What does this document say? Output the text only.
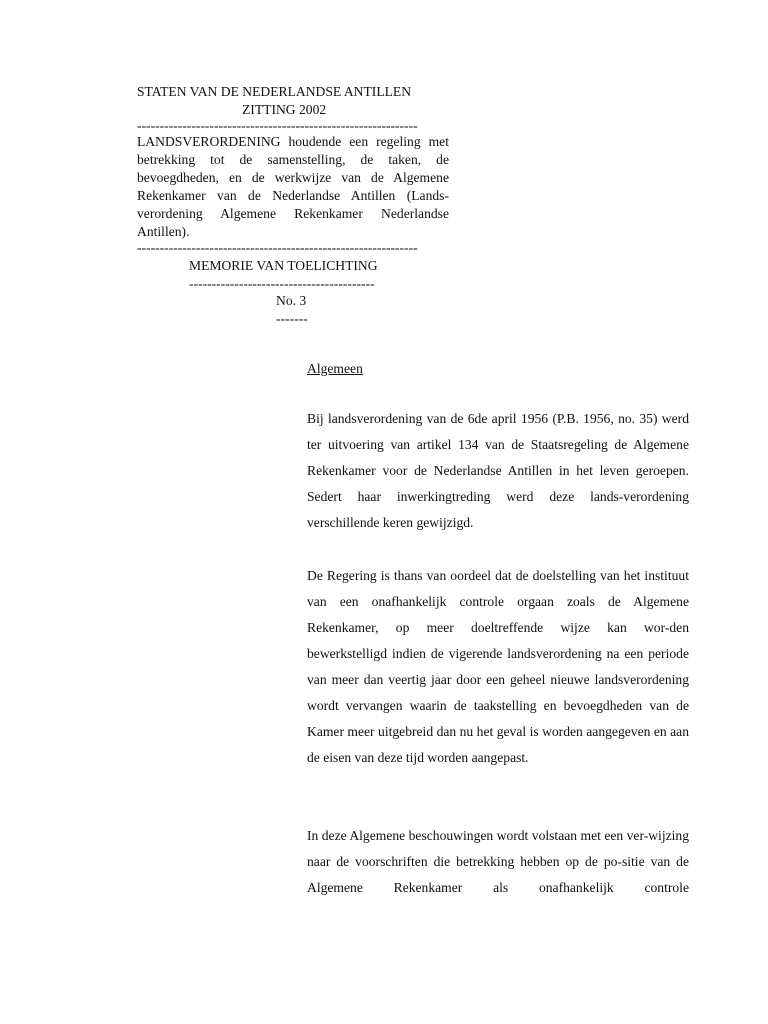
STATEN VAN DE NEDERLANDSE ANTILLEN
ZITTING 2002
--------------------------------------------------------------

LANDSVERORDENING houdende een regeling met betrekking tot de samenstelling, de taken, de bevoegdheden, en de werkwijze van de Algemene Rekenkamer van de Nederlandse Antillen (Lands-verordening Algemene Rekenkamer Nederlandse Antillen).

--------------------------------------------------------------
MEMORIE VAN TOELICHTING
-----------------------------------------
No. 3
-------
Algemeen

Bij landsverordening van de 6de april 1956 (P.B. 1956, no. 35) werd ter uitvoering van artikel 134 van de Staatsregeling de Algemene Rekenkamer voor de Nederlandse Antillen in het leven geroepen. Sedert haar inwerkingtreding werd deze lands-verordening verschillende keren gewijzigd.

De Regering is thans van oordeel dat de doelstelling van het instituut van een onafhankelijk controle orgaan zoals de Algemene Rekenkamer, op meer doeltreffende wijze kan wor-den bewerkstelligd indien de vigerende landsverordening na een periode van meer dan veertig jaar door een geheel nieuwe landsverordening wordt vervangen waarin de taakstelling en bevoegdheden van de Kamer meer uitgebreid dan nu het geval is worden aangegeven en aan de eisen van deze tijd worden aangepast.

In deze Algemene beschouwingen wordt volstaan met een ver-wijzing naar de voorschriften die betrekking hebben op de po-sitie van de Algemene Rekenkamer als onafhankelijk controle
